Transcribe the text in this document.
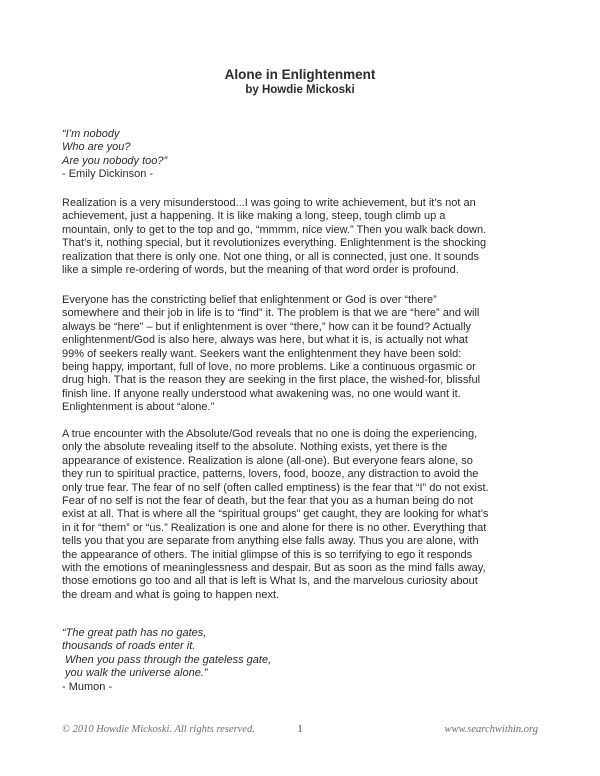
Alone in Enlightenment
by Howdie Mickoski
“I’m nobody
Who are you?
Are you nobody too?”
- Emily Dickinson -
Realization is a very misunderstood...I was going to write achievement, but it’s not an
achievement, just a happening. It is like making a long, steep, tough climb up a
mountain, only to get to the top and go, “mmmm, nice view.” Then you walk back down.
That’s it, nothing special, but it revolutionizes everything. Enlightenment is the shocking
realization that there is only one. Not one thing, or all is connected, just one. It sounds
like a simple re-ordering of words, but the meaning of that word order is profound.
Everyone has the constricting belief that enlightenment or God is over “there”
somewhere and their job in life is to “find” it. The problem is that we are “here” and will
always be “here” – but if enlightenment is over “there,” how can it be found? Actually
enlightenment/God is also here, always was here, but what it is, is actually not what
99% of seekers really want. Seekers want the enlightenment they have been sold:
being happy, important, full of love, no more problems. Like a continuous orgasmic or
drug high. That is the reason they are seeking in the first place, the wished-for, blissful
finish line. If anyone really understood what awakening was, no one would want it.
Enlightenment is about “alone.”
A true encounter with the Absolute/God reveals that no one is doing the experiencing,
only the absolute revealing itself to the absolute. Nothing exists, yet there is the
appearance of existence. Realization is alone (all-one). But everyone fears alone, so
they run to spiritual practice, patterns, lovers, food, booze, any distraction to avoid the
only true fear. The fear of no self (often called emptiness) is the fear that “I” do not exist.
Fear of no self is not the fear of death, but the fear that you as a human being do not
exist at all. That is where all the “spiritual groups” get caught, they are looking for what’s
in it for “them” or “us.” Realization is one and alone for there is no other. Everything that
tells you that you are separate from anything else falls away. Thus you are alone, with
the appearance of others. The initial glimpse of this is so terrifying to ego it responds
with the emotions of meaninglessness and despair. But as soon as the mind falls away,
those emotions go too and all that is left is What Is, and the marvelous curiosity about
the dream and what is going to happen next.
“The great path has no gates,
thousands of roads enter it.
When you pass through the gateless gate,
you walk the universe alone.”
- Mumon -
© 2010 Howdie Mickoski. All rights reserved.	1	www.searchwithin.org
